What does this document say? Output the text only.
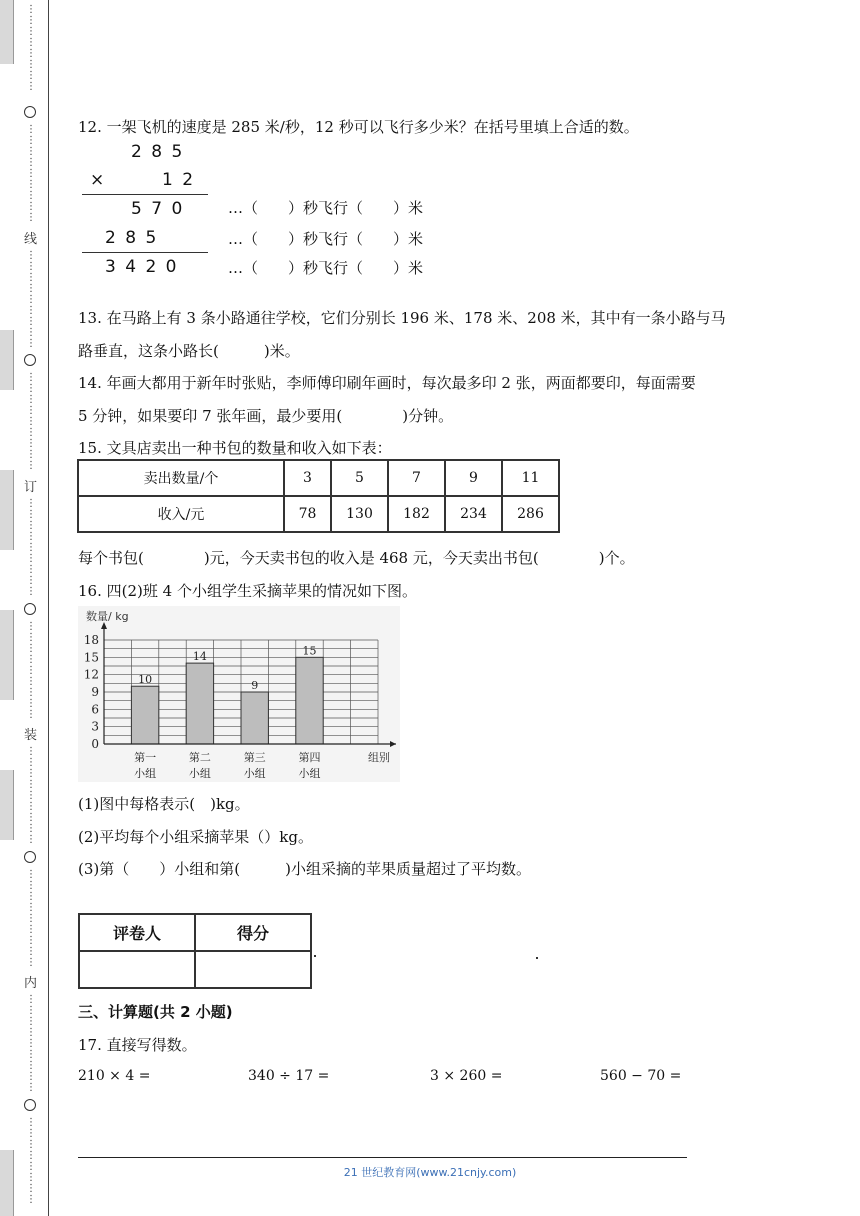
⋮
⋮
⋮
⋮
⋮
⋮
⋮
⋮
⋮
⋮
⋮
⋮
⋮
⋮
⋮
⋮
⋮
线
⋮
⋮
⋮
⋮
⋮
⋮
⋮
⋮
⋮
⋮
⋮
⋮
⋮
⋮
⋮
⋮
⋮
⋮
订
⋮
⋮
⋮
⋮
⋮
⋮
⋮
⋮
⋮
⋮
⋮
⋮
⋮
⋮
⋮
⋮
⋮
⋮
装
⋮
⋮
⋮
⋮
⋮
⋮
⋮
⋮
⋮
⋮
⋮
⋮
⋮
⋮
⋮
⋮
⋮
⋮
内
⋮
⋮
⋮
⋮
⋮
⋮
⋮
⋮
⋮
⋮
⋮
⋮
⋮
⋮
⋮
⋮
⋮
12. 一架飞机的速度是 285 米/秒，12 秒可以飞行多少米？在括号里填上合适的数。
2 8 5
×	1 2
5 7 0	…（　　）秒飞行（　　）米
2 8 5	…（　　）秒飞行（　　）米
3 4 2 0	…（　　）秒飞行（　　）米
13. 在马路上有 3 条小路通往学校，它们分别长 196 米、178 米、208 米，其中有一条小路与马
路垂直，这条小路长(　　　)米。
14. 年画大都用于新年时张贴，李师傅印刷年画时，每次最多印 2 张，两面都要印，每面需要
5 分钟，如果要印 7 张年画，最少要用(　　　　)分钟。
15. 文具店卖出一种书包的数量和收入如下表：
卖出数量/个	3	5	7	9	11
收入/元	78	130	182	234	286
每个书包(　　　　)元，今天卖书包的收入是 468 元，今天卖出书包(　　　　)个。
16. 四(2)班 4 个小组学生采摘苹果的情况如下图。
10
第一
小组
14
第二
小组
9
第三
小组
15
第四
小组
0
3
6
9
12
15
18
数量/ kg
组别
(1)图中每格表示(　)kg。
(2)平均每个小组采摘苹果（）kg。
(3)第（　　）小组和第(　　　)小组采摘的苹果质量超过了平均数。
评卷人	得分

三、计算题(共 2 小题)
17. 直接写得数。
210 × 4 =	340 ÷ 17 =	3 × 260 =	560 − 70 =
21 世纪教育网(www.21cnjy.com)
